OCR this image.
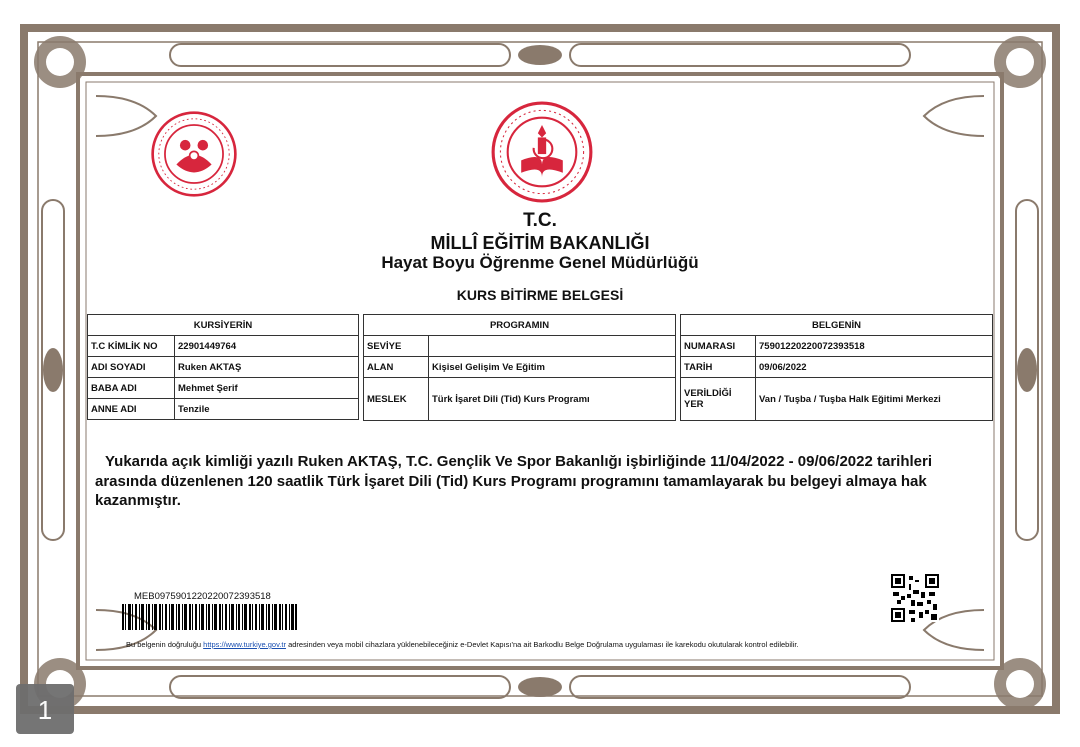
T.C.
MİLLÎ EĞİTİM BAKANLIĞI
Hayat Boyu Öğrenme Genel Müdürlüğü
KURS BİTİRME BELGESİ
KURSİYERİN	
T.C KİMLİK NO	22901449764
ADI SOYADI	Ruken AKTAŞ
BABA ADI	Mehmet Şerif
ANNE ADI	Tenzile
PROGRAMIN	
SEVİYE	
ALAN	Kişisel Gelişim Ve Eğitim
MESLEK	Türk İşaret Dili (Tid) Kurs Programı
BELGENİN	
NUMARASI	75901220220072393518
TARİH	09/06/2022
VERİLDİĞİ YER	Van / Tuşba / Tuşba Halk Eğitimi Merkezi
Yukarıda açık kimliği yazılı Ruken AKTAŞ, T.C. Gençlik Ve Spor Bakanlığı işbirliğinde 11/04/2022 - 09/06/2022 tarihleri
arasında düzenlenen 120 saatlik Türk İşaret Dili (Tid) Kurs Programı programını tamamlayarak bu belgeyi almaya hak
kazanmıştır.
MEB0975901220220072393518
Bu belgenin doğruluğu https://www.turkiye.gov.tr adresinden veya mobil cihazlara yüklenebileceğiniz e-Devlet Kapısı'na ait Barkodlu Belge Doğrulama uygulaması ile karekodu okutularak kontrol edilebilir.
1
